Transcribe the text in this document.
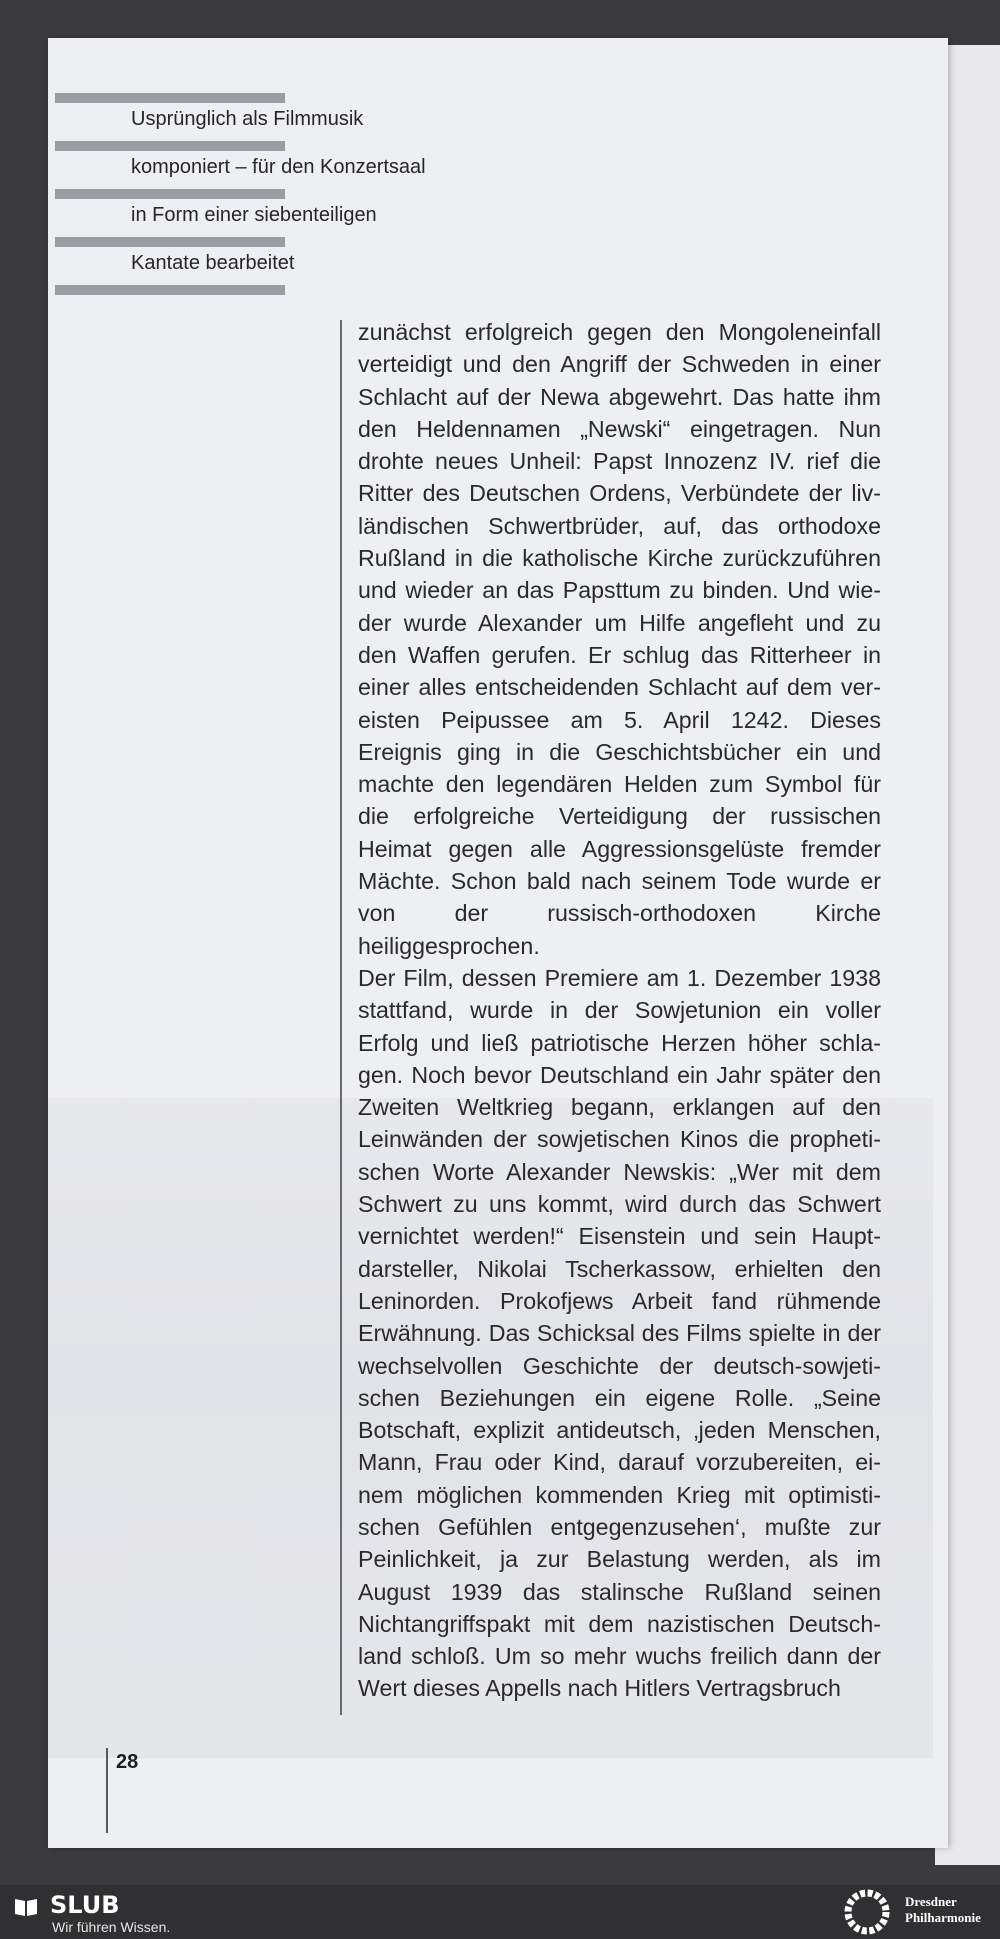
Usprünglich als Filmmusik
komponiert – für den Konzertsaal
in Form einer siebenteiligen
Kantate bearbeitet

zunächst erfolgreich gegen den Mongoleneinfall verteidigt und den Angriff der Schweden in einer Schlacht auf der Newa abgewehrt. Das hatte ihm den Heldennamen „Newski“ eingetragen. Nun drohte neues Unheil: Papst Innozenz IV. rief die Ritter des Deutschen Ordens, Verbündete der livländischen Schwertbrüder, auf, das orthodoxe Rußland in die katholische Kirche zurückzuführen und wieder an das Papsttum zu binden. Und wieder wurde Alexander um Hilfe angefleht und zu den Waffen gerufen. Er schlug das Ritterheer in einer alles entscheidenden Schlacht auf dem vereisten Peipussee am 5. April 1242. Dieses Ereignis ging in die Geschichtsbücher ein und machte den legendären Helden zum Symbol für die erfolgreiche Verteidigung der russischen Heimat gegen alle Aggressionsgelüste fremder Mächte. Schon bald nach seinem Tode wurde er von der russisch-orthodoxen Kirche heiliggesprochen.

Der Film, dessen Premiere am 1. Dezember 1938 stattfand, wurde in der Sowjetunion ein voller Erfolg und ließ patriotische Herzen höher schlagen. Noch bevor Deutschland ein Jahr später den Zweiten Weltkrieg begann, erklangen auf den Leinwänden der sowjetischen Kinos die prophetischen Worte Alexander Newskis: „Wer mit dem Schwert zu uns kommt, wird durch das Schwert vernichtet werden!“ Eisenstein und sein Hauptdarsteller, Nikolai Tscherkassow, erhielten den Leninorden. Prokofjews Arbeit fand rühmende Erwähnung. Das Schicksal des Films spielte in der wechselvollen Geschichte der deutsch-sowjetischen Beziehungen ein eigene Rolle. „Seine Botschaft, explizit antideutsch, ‚jeden Menschen, Mann, Frau oder Kind, darauf vorzubereiten, einem möglichen kommenden Krieg mit optimistischen Gefühlen entgegenzusehen‘, mußte zur Peinlichkeit, ja zur Belastung werden, als im August 1939 das stalinsche Rußland seinen Nichtangriffspakt mit dem nazistischen Deutschland schloß. Um so mehr wuchs freilich dann der Wert dieses Appells nach Hitlers Vertragsbruch

28
SLUB
Wir führen Wissen.
Dresdner
Philharmonie
